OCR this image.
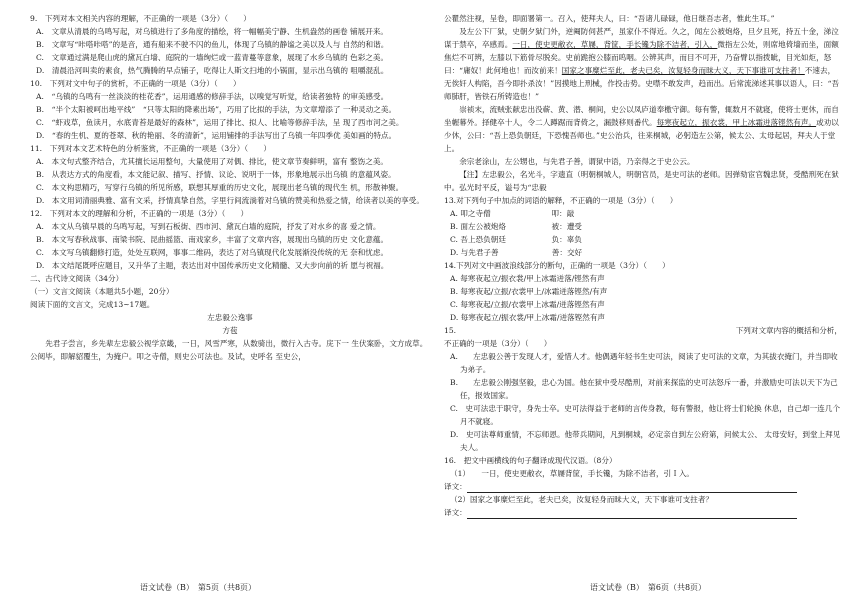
9.　下列对本文相关内容的理解，不正确的一项是（3分）（　　）

A.　文章从清晨的乌鸣写起，对乌镇进行了多角度的描绘，将一幅幅美宁静、生机盎然的画卷 铺展开来。

B.　文章写“咔嗒咔嗒”的是音，通有船来不驶不闪的鱼儿，体现了乌镇的静谧之美以及人与 自然的和谐。

C.　文章通过满是爬山虎的黛瓦白墙、庭院的一墙绚烂或一蓝青蔓等意象，展现了水乡乌镇的 色彩之美。

D.　清晨沿河叫卖的素食，热气腾腾的早点铺子，吃得让人斯文扫地的小锅面，显示出乌镇的 咀嚼混乱。

10.　下列对文中句子的赏析，不正确的一项是（3分）（　　）

A.　“乌镇的乌鸣有一丝淡淡的桂花香”，运用通感的修辞手法，以嗅觉写听觉，给读者独特 的审美感受。

B.　“半个太阳被呵出地平线”　“只等太阳的降素出场”，巧用了比拟的手法，为文章增添了 一种灵动之美。

C.　“虾戏草，鱼读月，水底青苔是最好的森林”，运用了排比、拟人、比喻等修辞手法，呈 现了西市河之美。

D.　“春的生机、夏的苍翠、秋的艳丽、冬的清新”，运用铺排的手法写出了乌镇一年四季优 美如画的特点。

11.　下列对本文艺术特色的分析鉴赏，不正确的一项是（3分）（　　）

A.　本文句式整齐结合，尤其擅长运用整句，大量使用了对偶、排比，使文章节奏鲜明，富有 整饬之美。

B.　从表达方式的角度看，本文能记叙、描写、抒情、议论、说明于一体，形象地展示出乌镇 的意蕴风姿。

C.　本文构思精巧，写穿行乌镇的所见所感，联想其厚重的历史文化，展现出老乌镇的现代生 机，形散神聚。

D.　本文用词清丽典雅、富有文采，抒情真挚自然，字里行间流淌着对乌镇的赞美和热爱之情，给读者以美的享受。

12.　下列对本文的理解和分析，不正确的一项是（3分）（　　）

A.　本文从乌镇早晨的乌鸣写起，写到石板街、西市河、黛瓦白墙的庭院，抒发了对水乡的喜 爱之情。

B.　本文写春秋战事、南梁书院、昆曲摇篮、南戏家乡，丰富了文章内容，展现出乌镇的历史 文化意蕴。

C.　本文写乌镇翻修打造，处处互联网，事事二维码，表达了对乌镇现代化发展渐没传统的无 奈和忧虑。

D.　本文结尾既呼应题目，又升华了主题，表达出对中国传承历史文化精髓、又大步向前的祈 愿与祝福。

二、古代诗文阅读（34分）

（一）文言文阅读（本题共5小题，20分）

阅读下面的文言文，完成13~17题。

左忠毅公逸事

方苞

先君子尝言，乡先辈左忠毅公视学京畿，一日，风雪严寒，从数骑出，微行入古寺。庑下一 生伏案卧，文方成草。公阅毕，即解貂覆生，为掩户。叩之寺僧，则史公可法也。及试，史呼名 至史公，

语文试卷（B）　第5页（共8页）

公瞿然注视，呈卷，即面署第一。召入，使拜夫人，曰：“吾诸儿碌碌，他日继吾志者，惟此生耳。”

及左公下厂狱，史朝夕狱门外，逆阉防伺甚严，虽家仆不得近。久之，闻左公被炮烙，旦夕且死，持五十金，涕泣谋于禁卒，卒感焉。一日，使史更敝衣，草屦，背筐，手长镵为除不洁者，引入，微指左公处，则席地倚墙而坐，面额焦烂不可辨，左膝以下筋骨尽脱矣。史前跪抱公膝而呜咽。公辨其声，而目不可开，乃奋臂以指拨眦，目光如炬，怒曰：“庸奴！此何地也！而汝前来！国家之事糜烂至此，老夫已矣，汝复轻身而昧大义，天下事谁可支拄者！不速去，无俟奸人构陷，吾今即扑杀汝！”因摸地上刑械，作投击势。史噤不敢发声，趋而出。后常流涕述其事以语人，曰：“吾师肺肝，皆铁石所铸造也！”

崇祯末，流贼张献忠出没蕲、黄、潜、桐间，史公以凤庐道奉檄守御。每有警，辄数月不就寝，使将士更休，而自坐幄幕外。择健卒十人，令二人蹲踞而背倚之，漏鼓移则番代。每寒夜起立，振衣裳，甲上冰霜迸落铿然有声。或劝以少休，公曰：“吾上恐负朝廷，下恐愧吾师也。”史公治兵，往来桐城，必躬造左公第，候太公、太母起居，拜夫人于堂上。

余宗老涂山，左公甥也，与先君子善，谓狱中语，乃亲得之于史公云。

【注】左忠毅公，名光斗，字遗直（明朝桐城人，明朝官员，是史可法的老师。因弹劾宦官魏忠贤，受酷刑死在狱中。弘光时平反，谥号为“忠毅

13.对下列句子中加点的词语的解释，不正确的一项是（3分）（　　）

A. 叩之寺僧　　　　　　　　叩：敲

B. 面左公被炮烙　　　　　　被：遭受

C. 吾上恐负朝廷　　　　　　负：辜负

D. 与先君子善　　　　　　　善：交好

14.下列对文中画波浪线部分的断句，正确的一项是（3分）（　　）

A. 每寒夜起立/振衣裳/甲上冰霜迸落/铿然有声

B. 每寒夜起/立振/衣裳甲上/冰霜迸落铿然/有声

C. 每寒夜起/立振/衣裳甲上冰霜/迸落铿然有声

D. 每寒夜起立/振衣裳/甲上冰霜/迸落铿然有声

15.	下列对文章内容的概括和分析，

不正确的一项是（3分）（　　）

A.　　左忠毅公善于发现人才，爱惜人才。他偶遇年轻书生史可法，阅读了史可法的文章，为其拔衣掩门，并当即收为弟子。

B.　　左忠毅公刚强坚毅，忠心为国。他在狱中受尽酷刑，对前来探监的史可法怒斥一番，并激励史可法以天下为己任，报效国家。

C.　史可法忠于职守，身先士卒。史可法得益于老师的言传身教，每有警报，他让将士们轮换 休息，自己却一连几个月不就寝。

D.　史可法尊师重情，不忘师恩。他带兵期间，凡到桐城，必定亲自到左公府第，问候太公、 太母安好，到堂上拜见夫人。

16.　把文中画横线的句子翻译成现代汉语。（8分）

（1）　　一日，使史更敝衣，草屦背筐，手长镵，为除不洁者，引Ｉ入。

译文：

（2）国家之事糜烂至此，老夫已矣，汝复轻身而昧大义，天下事谁可支拄者？

译文：

语文试卷（B）　第6页（共8页）
